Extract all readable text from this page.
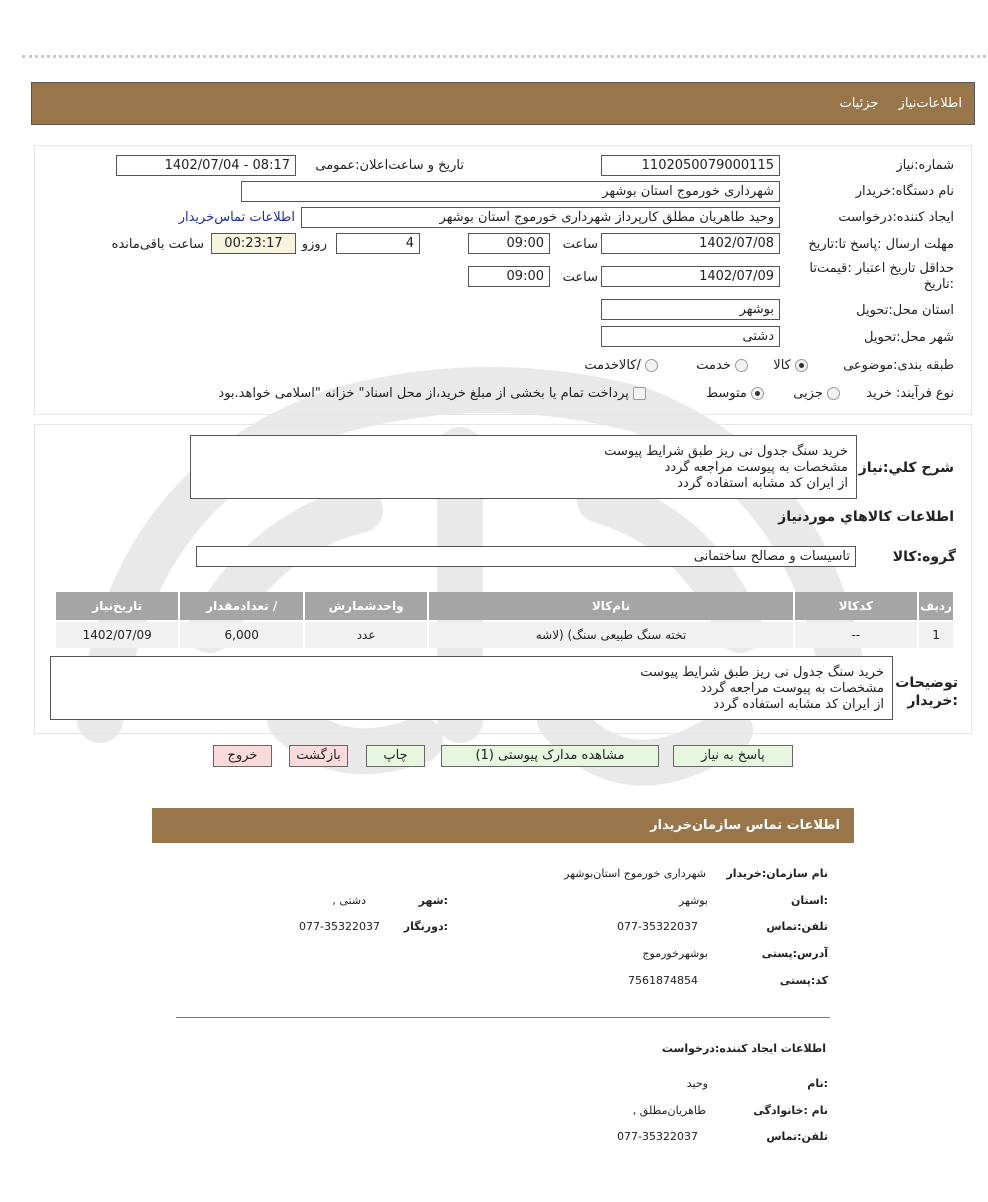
اطلاعات‌نیاز جزئیات
شماره:نیاز
1102050079000115
تاریخ و ساعت‌اعلان:عمومی
1402/07/04 - 08:17
نام دستگاه:خریدار
شهرداری خورموج استان بوشهر
ایجاد کننده:درخواست
وحید طاهریان مطلق کارپرداز شهرداری خورموج استان بوشهر
اطلاعات تماس‌خریدار
مهلت ارسال :پاسخ تا:تاریخ
1402/07/08
ساعت
09:00
4
روزو
00:23:17
ساعت باقی‌مانده
حداقل تاریخ اعتبار :قیمت‌تا :تاریخ
1402/07/09
ساعت
09:00
استان محل:تحویل
بوشهر
شهر محل:تحویل
دشتی
طبقه بندی:موضوعی
کالا
خدمت
/کالاخدمت
نوع فرآیند: خرید
جزیی
متوسط
پرداخت تمام یا بخشی از مبلغ خرید،از محل اسناد" خزانه "اسلامی خواهد.بود
شرح کلي:نیاز
خرید سنگ جدول نی ریز طبق شرایط پیوست
مشخصات به پیوست مراجعه گردد
از ایران کد مشابه استفاده گردد
اطلاعات کالاهاي موردنیاز
گروه:کالا
تاسیسات و مصالح ساختمانی
ردیف	کدکالا	نام‌کالا	واحدشمارش	/ تعدادمقدار	تاریخ‌نیاز
1	--	تخته سنگ طبیعی سنگ) (لاشه	عدد	6,000	1402/07/09
توضیحات
:خریدار
خرید سنگ جدول نی ریز طبق شرایط پیوست
مشخصات به پیوست مراجعه گردد
از ایران کد مشابه استفاده گردد
پاسخ به نیاز
مشاهده مدارک پیوستی (1)
چاپ
بازگشت
خروج
اطلاعات تماس سازمان‌خریدار
نام سازمان:خریدار
شهرداری خورموج استان‌بوشهر
:استان
بوشهر
:شهر
دشتی ,
تلفن:تماس
077-35322037
:دورنگار
077-35322037
آدرس:پستی
بوشهرخورموج
کد:پستی
7561874854
اطلاعات ایجاد کننده:درخواست
:نام
وحید
نام :خانوادگی
طاهریان‌مطلق ,
تلفن:تماس
077-35322037
